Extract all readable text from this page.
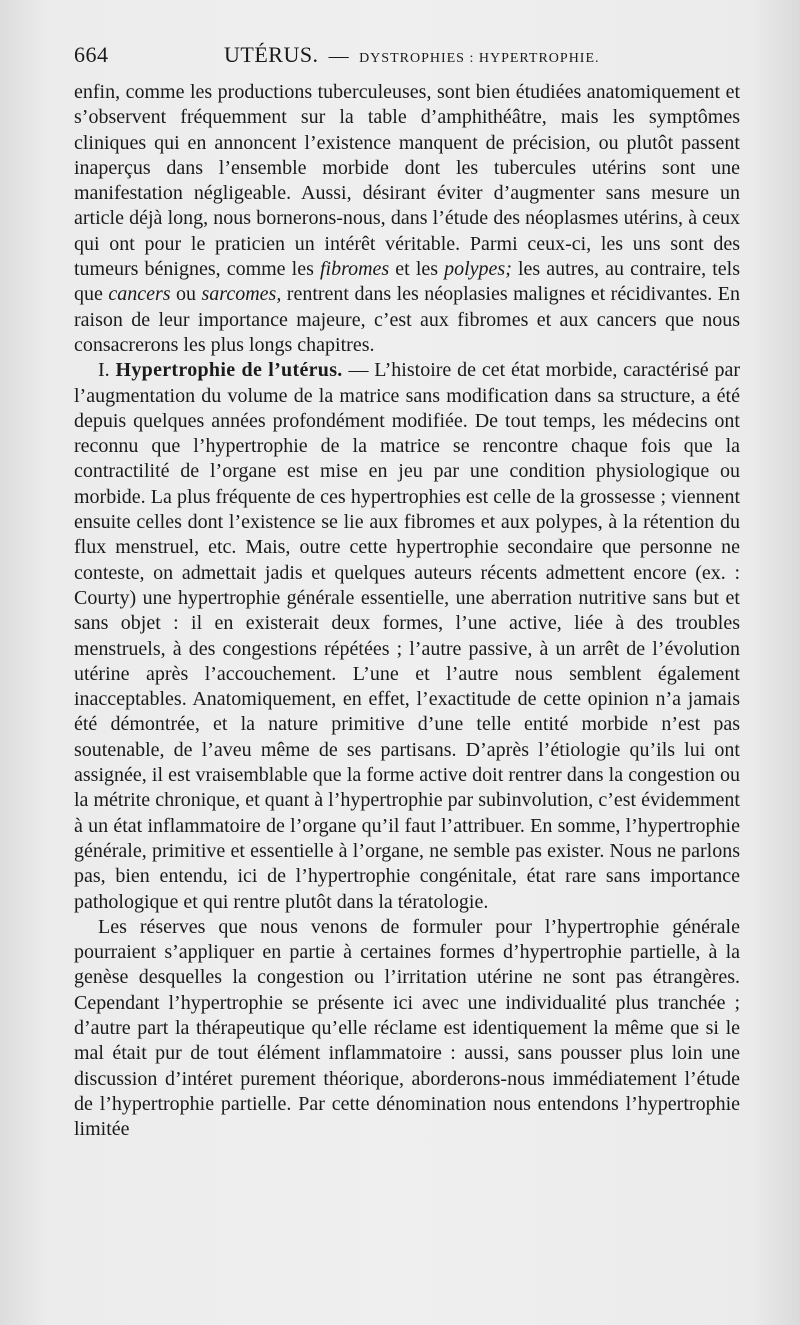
664	UTÉRUS. — DYSTROPHIES : HYPERTROPHIE.

enfin, comme les productions tuberculeuses, sont bien étudiées anatomiquement et s’observent fréquemment sur la table d’amphithéâtre, mais les symptômes cliniques qui en annoncent l’existence manquent de précision, ou plutôt passent inaperçus dans l’ensemble morbide dont les tubercules utérins sont une manifestation négligeable. Aussi, désirant éviter d’augmenter sans mesure un article déjà long, nous bornerons-nous, dans l’étude des néoplasmes utérins, à ceux qui ont pour le praticien un intérêt véritable. Parmi ceux-ci, les uns sont des tumeurs bénignes, comme les fibromes et les polypes; les autres, au contraire, tels que cancers ou sarcomes, rentrent dans les néoplasies malignes et récidivantes. En raison de leur importance majeure, c’est aux fibromes et aux cancers que nous consacrerons les plus longs chapitres.

I. Hypertrophie de l’utérus. — L’histoire de cet état morbide, caractérisé par l’augmentation du volume de la matrice sans modification dans sa structure, a été depuis quelques années profondément modifiée. De tout temps, les médecins ont reconnu que l’hypertrophie de la matrice se rencontre chaque fois que la contractilité de l’organe est mise en jeu par une condition physiologique ou morbide. La plus fréquente de ces hypertrophies est celle de la grossesse ; viennent ensuite celles dont l’existence se lie aux fibromes et aux polypes, à la rétention du flux menstruel, etc. Mais, outre cette hypertrophie secondaire que personne ne conteste, on admettait jadis et quelques auteurs récents admettent encore (ex. : Courty) une hypertrophie générale essentielle, une aberration nutritive sans but et sans objet : il en existerait deux formes, l’une active, liée à des troubles menstruels, à des congestions répétées ; l’autre passive, à un arrêt de l’évolution utérine après l’accouchement. L’une et l’autre nous semblent également inacceptables. Anatomiquement, en effet, l’exactitude de cette opinion n’a jamais été démontrée, et la nature primitive d’une telle entité morbide n’est pas soutenable, de l’aveu même de ses partisans. D’après l’étiologie qu’ils lui ont assignée, il est vraisemblable que la forme active doit rentrer dans la congestion ou la métrite chronique, et quant à l’hypertrophie par subinvolution, c’est évidemment à un état inflammatoire de l’organe qu’il faut l’attribuer. En somme, l’hypertrophie générale, primitive et essentielle à l’organe, ne semble pas exister. Nous ne parlons pas, bien entendu, ici de l’hypertrophie congénitale, état rare sans importance pathologique et qui rentre plutôt dans la tératologie.

Les réserves que nous venons de formuler pour l’hypertrophie générale pourraient s’appliquer en partie à certaines formes d’hypertrophie partielle, à la genèse desquelles la congestion ou l’irritation utérine ne sont pas étrangères. Cependant l’hypertrophie se présente ici avec une individualité plus tranchée ; d’autre part la thérapeutique qu’elle réclame est identiquement la même que si le mal était pur de tout élément inflammatoire : aussi, sans pousser plus loin une discussion d’intéret purement théorique, aborderons-nous immédiatement l’étude de l’hypertrophie partielle. Par cette dénomination nous entendons l’hypertrophie limitée
